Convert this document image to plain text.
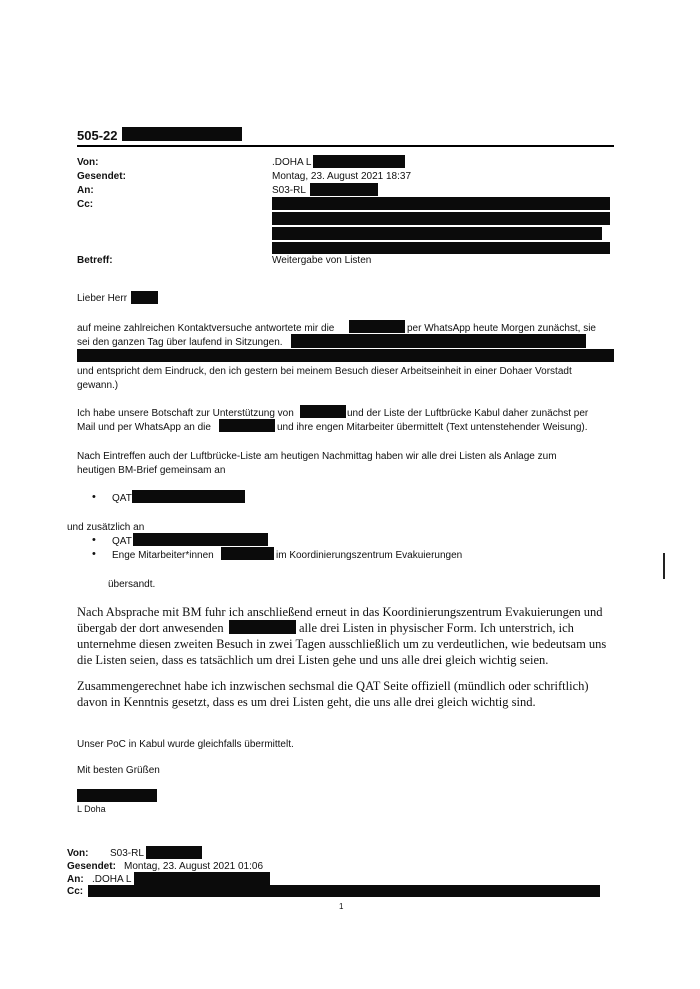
505-22
Von:	.DOHA L
Gesendet:	Montag, 23. August 2021 18:37
An:	S03-RL
Cc:
Betreff:	Weitergabe von Listen
Lieber Herr
auf meine zahlreichen Kontaktversuche antwortete mir die	per WhatsApp heute Morgen zunächst, sie
sei den ganzen Tag über laufend in Sitzungen.
und entspricht dem Eindruck, den ich gestern bei meinem Besuch dieser Arbeitseinheit in einer Dohaer Vorstadt
gewann.)
Ich habe unsere Botschaft zur Unterstützung von	und der Liste der Luftbrücke Kabul daher zunächst per
Mail und per WhatsApp an die	und ihre engen Mitarbeiter übermittelt (Text untenstehender Weisung).
Nach Eintreffen auch der Luftbrücke-Liste am heutigen Nachmittag haben wir alle drei Listen als Anlage zum
heutigen BM-Brief gemeinsam an
• QAT
und zusätzlich an
• QAT
• Enge Mitarbeiter*innen	im Koordinierungszentrum Evakuierungen
übersandt.
Nach Absprache mit BM fuhr ich anschließend erneut in das Koordinierungszentrum Evakuierungen und
übergab der dort anwesenden	alle drei Listen in physischer Form. Ich unterstrich, ich
unternehme diesen zweiten Besuch in zwei Tagen ausschließlich um zu verdeutlichen, wie bedeutsam uns
die Listen seien, dass es tatsächlich um drei Listen gehe und uns alle drei gleich wichtig seien.
Zusammengerechnet habe ich inzwischen sechsmal die QAT Seite offiziell (mündlich oder schriftlich)
davon in Kenntnis gesetzt, dass es um drei Listen geht, die uns alle drei gleich wichtig sind.
Unser PoC in Kabul wurde gleichfalls übermittelt.
Mit besten Grüßen
L Doha
Von: S03-RL
Gesendet: Montag, 23. August 2021 01:06
An: .DOHA L
Cc:
1
